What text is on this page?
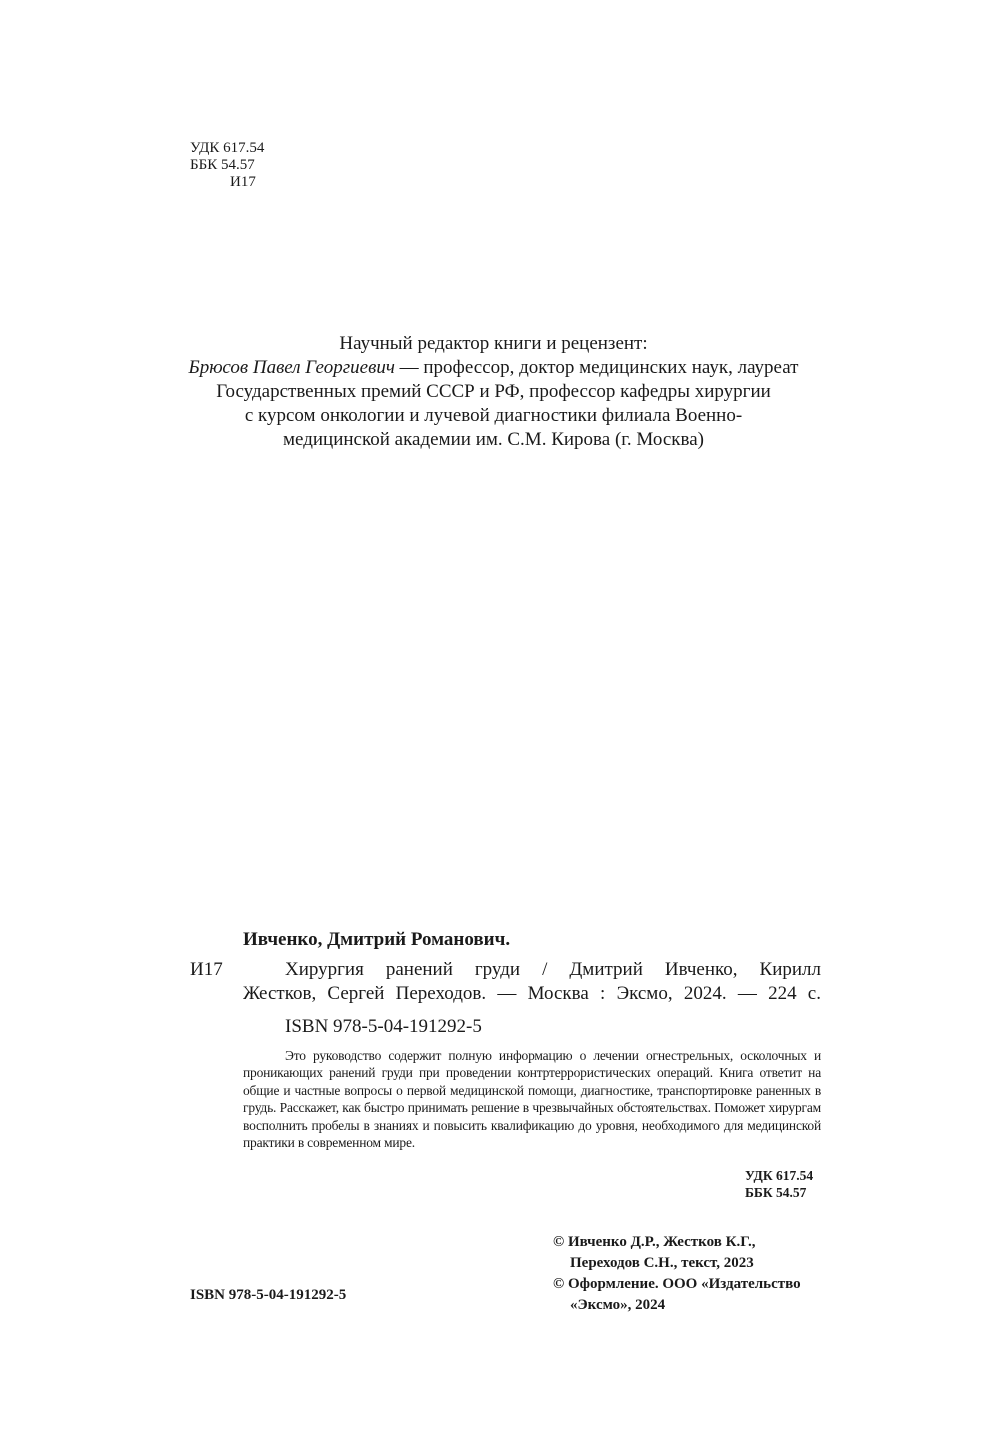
УДК 617.54
ББК 54.57
И17
Научный редактор книги и рецензент:
Брюсов Павел Георгиевич — профессор, доктор медицинских наук, лауреат
Государственных премий СССР и РФ, профессор кафедры хирургии
с курсом онкологии и лучевой диагностики филиала Военно-
медицинской академии им. С.М. Кирова (г. Москва)
Ивченко, Дмитрий Романович.
И17	Хирургия ранений груди / Дмитрий Ивченко, Кирилл
Жестков, Сергей Переходов. — Москва : Эксмо, 2024. — 224 с.
ISBN 978-5-04-191292-5
Это руководство содержит полную информацию о лечении огнестрельных, осколочных и проникающих ранений груди при проведении контртеррористических операций. Книга ответит на общие и частные вопросы о первой медицинской помощи, диагностике, транспортировке раненных в грудь. Расскажет, как быстро принимать решение в чрезвычайных обстоятельствах. Поможет хирургам восполнить пробелы в знаниях и повысить квалификацию до уровня, необходимого для медицинской практики в современном мире.
УДК 617.54
ББК 54.57
© Ивченко Д.Р., Жестков К.Г.,
Переходов С.Н., текст, 2023
© Оформление. ООО «Издательство
«Эксмо», 2024
ISBN 978-5-04-191292-5
